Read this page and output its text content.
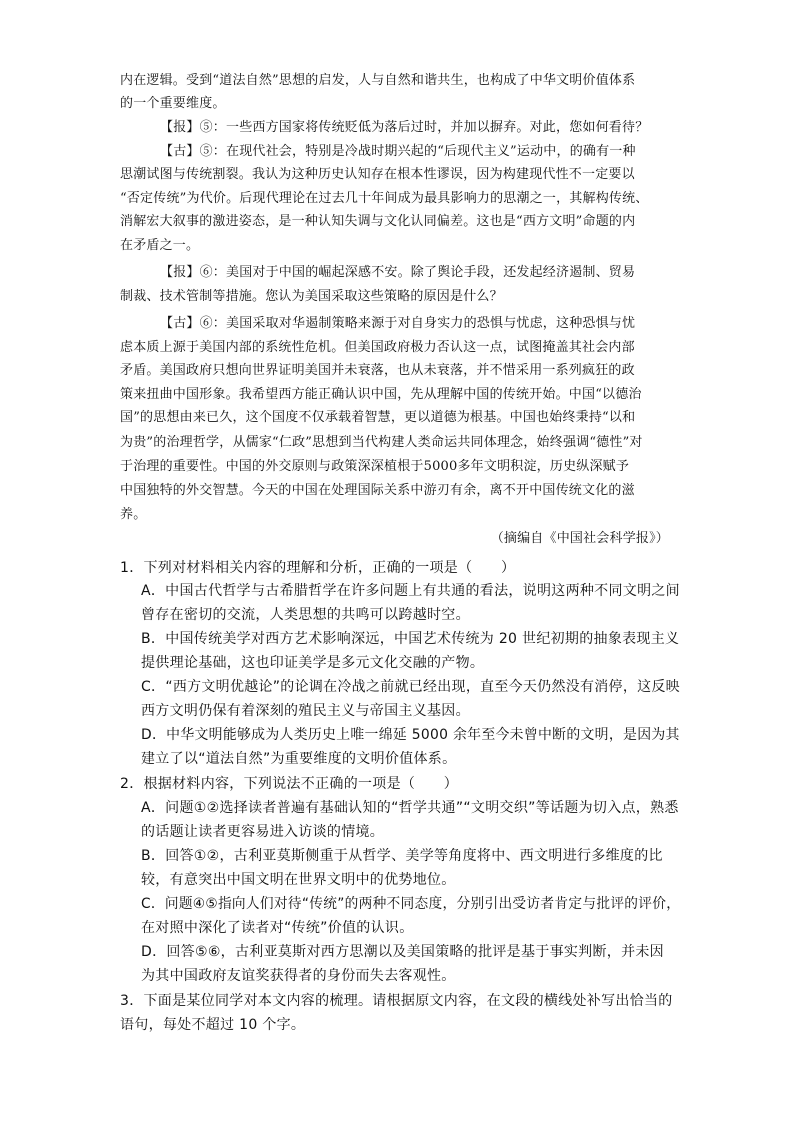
内在逻辑。受到“道法自然”思想的启发，人与自然和谐共生，也构成了中华文明价值体系
的一个重要维度。
【报】⑤：一些西方国家将传统贬低为落后过时，并加以摒弃。对此，您如何看待？
【古】⑤：在现代社会，特别是冷战时期兴起的“后现代主义”运动中，的确有一种
思潮试图与传统割裂。我认为这种历史认知存在根本性谬误，因为构建现代性不一定要以
“否定传统”为代价。后现代理论在过去几十年间成为最具影响力的思潮之一，其解构传统、
消解宏大叙事的激进姿态，是一种认知失调与文化认同偏差。这也是“西方文明”命题的内
在矛盾之一。
【报】⑥：美国对于中国的崛起深感不安。除了舆论手段，还发起经济遏制、贸易
制裁、技术管制等措施。您认为美国采取这些策略的原因是什么？
【古】⑥：美国采取对华遏制策略来源于对自身实力的恐惧与忧虑，这种恐惧与忧
虑本质上源于美国内部的系统性危机。但美国政府极力否认这一点，试图掩盖其社会内部
矛盾。美国政府只想向世界证明美国并未衰落，也从未衰落，并不惜采用一系列疯狂的政
策来扭曲中国形象。我希望西方能正确认识中国，先从理解中国的传统开始。中国“以德治
国”的思想由来已久，这个国度不仅承载着智慧，更以道德为根基。中国也始终秉持“以和
为贵”的治理哲学，从儒家“仁政”思想到当代构建人类命运共同体理念，始终强调“德性”对
于治理的重要性。中国的外交原则与政策深深植根于5000多年文明积淀，历史纵深赋予
中国独特的外交智慧。今天的中国在处理国际关系中游刃有余，离不开中国传统文化的滋
养。
（摘编自《中国社会科学报》）
1．下列对材料相关内容的理解和分析，正确的一项是（　　）
A．中国古代哲学与古希腊哲学在许多问题上有共通的看法，说明这两种不同文明之间
曾存在密切的交流，人类思想的共鸣可以跨越时空。
B．中国传统美学对西方艺术影响深远，中国艺术传统为 20 世纪初期的抽象表现主义
提供理论基础，这也印证美学是多元文化交融的产物。
C．“西方文明优越论”的论调在冷战之前就已经出现，直至今天仍然没有消停，这反映
西方文明仍保有着深刻的殖民主义与帝国主义基因。
D．中华文明能够成为人类历史上唯一绵延 5000 余年至今未曾中断的文明，是因为其
建立了以“道法自然”为重要维度的文明价值体系。
2．根据材料内容，下列说法不正确的一项是（　　）
A．问题①②选择读者普遍有基础认知的“哲学共通”“文明交织”等话题为切入点，熟悉
的话题让读者更容易进入访谈的情境。
B．回答①②，古利亚莫斯侧重于从哲学、美学等角度将中、西文明进行多维度的比
较，有意突出中国文明在世界文明中的优势地位。
C．问题④⑤指向人们对待“传统”的两种不同态度，分别引出受访者肯定与批评的评价，
在对照中深化了读者对“传统”价值的认识。
D．回答⑤⑥，古利亚莫斯对西方思潮以及美国策略的批评是基于事实判断，并未因
为其中国政府友谊奖获得者的身份而失去客观性。
3．下面是某位同学对本文内容的梳理。请根据原文内容，在文段的横线处补写出恰当的
语句，每处不超过 10 个字。
